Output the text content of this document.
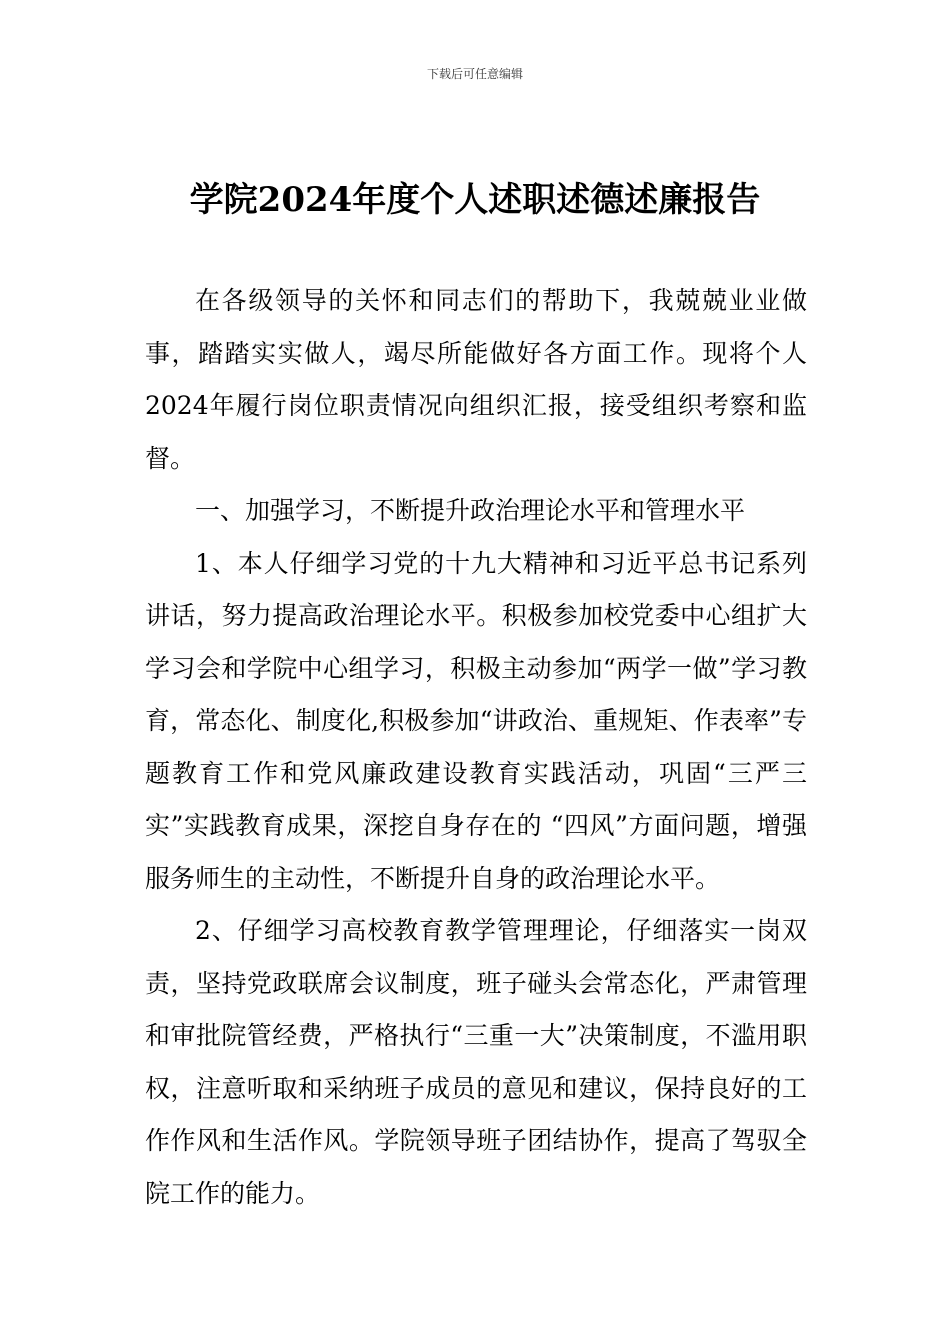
下载后可任意编辑
学院2024年度个人述职述德述廉报告

在各级领导的关怀和同志们的帮助下，我兢兢业业做事，踏踏实实做人，竭尽所能做好各方面工作。现将个人2024年履行岗位职责情况向组织汇报，接受组织考察和监督。

一、加强学习，不断提升政治理论水平和管理水平

1、本人仔细学习党的十九大精神和习近平总书记系列讲话，努力提高政治理论水平。积极参加校党委中心组扩大学习会和学院中心组学习，积极主动参加“两学一做”学习教育，常态化、制度化,积极参加“讲政治、重规矩、作表率”专题教育工作和党风廉政建设教育实践活动，巩固“三严三实”实践教育成果，深挖自身存在的 “四风”方面问题，增强服务师生的主动性，不断提升自身的政治理论水平。

2、仔细学习高校教育教学管理理论，仔细落实一岗双责，坚持党政联席会议制度，班子碰头会常态化，严肃管理和审批院管经费，严格执行“三重一大”决策制度，不滥用职权，注意听取和采纳班子成员的意见和建议，保持良好的工作作风和生活作风。学院领导班子团结协作，提高了驾驭全院工作的能力。
